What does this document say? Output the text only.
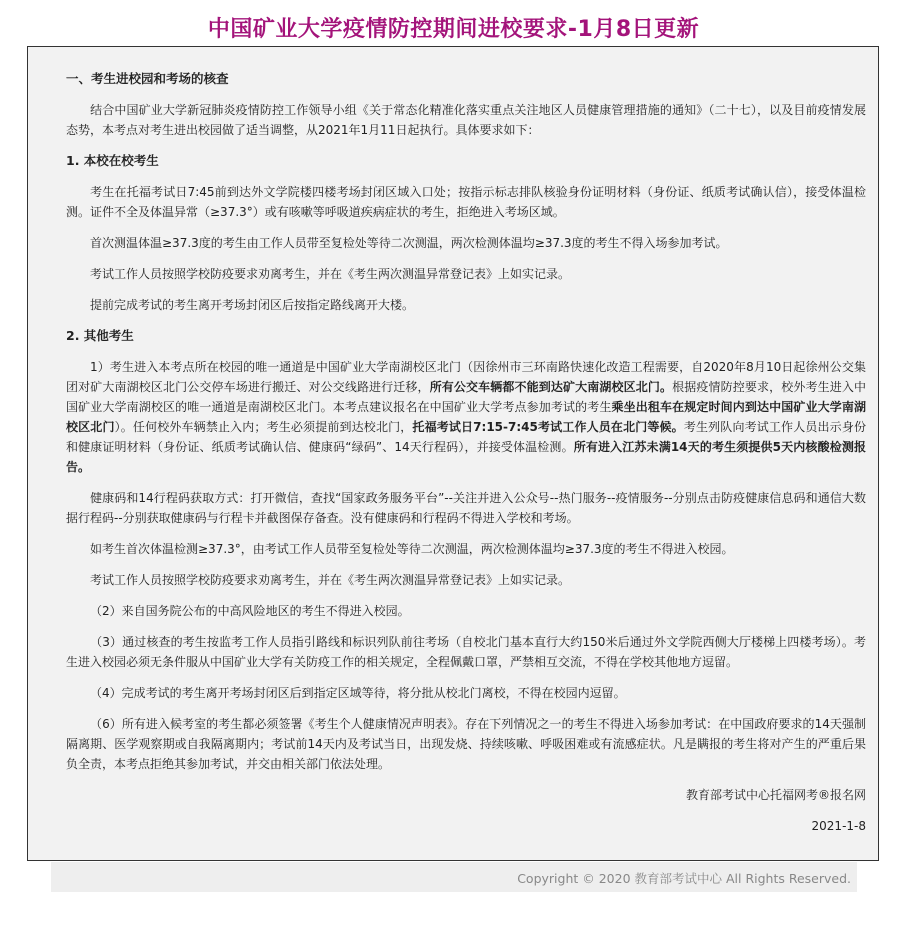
中国矿业大学疫情防控期间进校要求-1月8日更新
一、考生进校园和考场的核查

  结合中国矿业大学新冠肺炎疫情防控工作领导小组《关于常态化精准化落实重点关注地区人员健康管理措施的通知》（二十七），以及目前疫情发展态势，本考点对考生进出校园做了适当调整，从2021年1月11日起执行。具体要求如下：

1. 本校在校考生

  考生在托福考试日7:45前到达外文学院楼四楼考场封闭区域入口处；按指示标志排队核验身份证明材料（身份证、纸质考试确认信），接受体温检测。证件不全及体温异常（≥37.3°）或有咳嗽等呼吸道疾病症状的考生，拒绝进入考场区域。

  首次测温体温≥37.3度的考生由工作人员带至复检处等待二次测温，两次检测体温均≥37.3度的考生不得入场参加考试。

  考试工作人员按照学校防疫要求劝离考生，并在《考生两次测温异常登记表》上如实记录。

  提前完成考试的考生离开考场封闭区后按指定路线离开大楼。

2. 其他考生

  1）考生进入本考点所在校园的唯一通道是中国矿业大学南湖校区北门（因徐州市三环南路快速化改造工程需要，自2020年8月10日起徐州公交集团对矿大南湖校区北门公交停车场进行搬迁、对公交线路进行迁移，所有公交车辆都不能到达矿大南湖校区北门。根据疫情防控要求，校外考生进入中国矿业大学南湖校区的唯一通道是南湖校区北门。本考点建议报名在中国矿业大学考点参加考试的考生乘坐出租车在规定时间内到达中国矿业大学南湖校区北门）。任何校外车辆禁止入内；考生必须提前到达校北门，托福考试日7:15-7:45考试工作人员在北门等候。考生列队向考试工作人员出示身份和健康证明材料（身份证、纸质考试确认信、健康码“绿码”、14天行程码），并接受体温检测。所有进入江苏未满14天的考生须提供5天内核酸检测报告。

  健康码和14行程码获取方式：打开微信，查找“国家政务服务平台”--关注并进入公众号--热门服务--疫情服务--分别点击防疫健康信息码和通信大数据行程码--分别获取健康码与行程卡并截图保存备查。没有健康码和行程码不得进入学校和考场。

  如考生首次体温检测≥37.3°，由考试工作人员带至复检处等待二次测温，两次检测体温均≥37.3度的考生不得进入校园。

  考试工作人员按照学校防疫要求劝离考生，并在《考生两次测温异常登记表》上如实记录。

  （2）来自国务院公布的中高风险地区的考生不得进入校园。

  （3）通过核查的考生按监考工作人员指引路线和标识列队前往考场（自校北门基本直行大约150米后通过外文学院西侧大厅楼梯上四楼考场）。考生进入校园必须无条件服从中国矿业大学有关防疫工作的相关规定，全程佩戴口罩，严禁相互交流，不得在学校其他地方逗留。

  （4）完成考试的考生离开考场封闭区后到指定区域等待，将分批从校北门离校，不得在校园内逗留。

  （6）所有进入候考室的考生都必须签署《考生个人健康情况声明表》。存在下列情况之一的考生不得进入场参加考试：在中国政府要求的14天强制隔离期、医学观察期或自我隔离期内；考试前14天内及考试当日，出现发烧、持续咳嗽、呼吸困难或有流感症状。凡是瞒报的考生将对产生的严重后果负全责，本考点拒绝其参加考试，并交由相关部门依法处理。

教育部考试中心托福网考®报名网
2021-1-8
Copyright © 2020 教育部考试中心 All Rights Reserved.
